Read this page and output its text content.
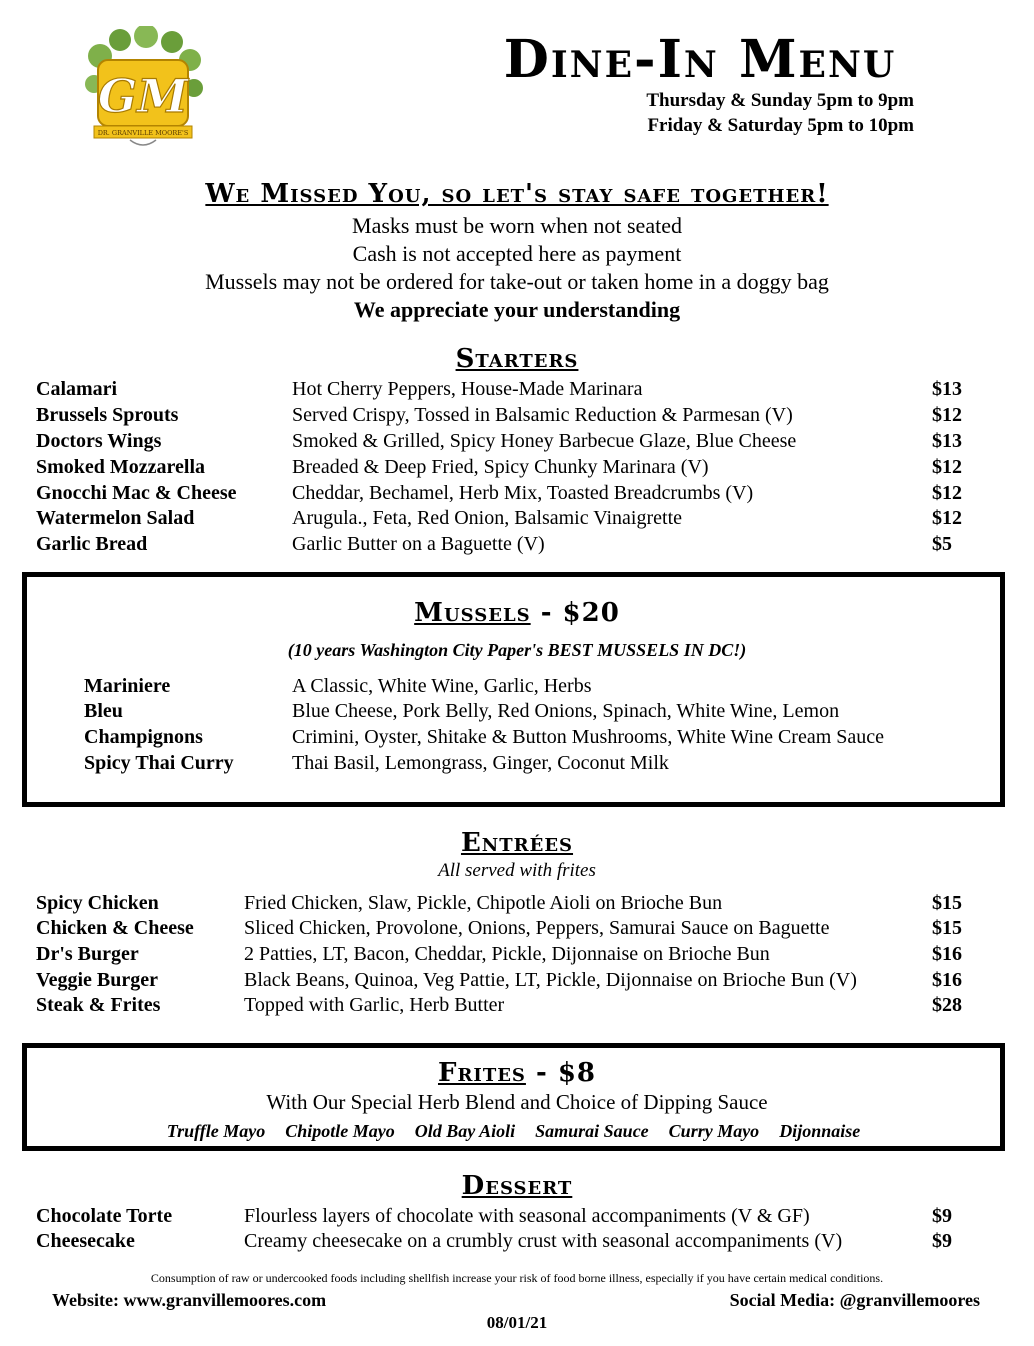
GM
DR. GRANVILLE MOORE'S
Dine-In Menu
Thursday & Sunday 5pm to 9pm
Friday & Saturday 5pm to 10pm
We Missed You, so let's stay safe together!
Masks must be worn when not seated
Cash is not accepted here as payment
Mussels may not be ordered for take-out or taken home in a doggy bag
We appreciate your understanding
Starters
Calamari	Hot Cherry Peppers, House-Made Marinara	$13
Brussels Sprouts	Served Crispy, Tossed in Balsamic Reduction & Parmesan (V)	$12
Doctors Wings	Smoked & Grilled, Spicy Honey Barbecue Glaze, Blue Cheese	$13
Smoked Mozzarella	Breaded & Deep Fried, Spicy Chunky Marinara (V)	$12
Gnocchi Mac & Cheese	Cheddar, Bechamel, Herb Mix, Toasted Breadcrumbs (V)	$12
Watermelon Salad	Arugula., Feta, Red Onion, Balsamic Vinaigrette	$12
Garlic Bread	Garlic Butter on a Baguette (V)	$5
Mussels - $20
(10 years Washington City Paper's BEST MUSSELS IN DC!)
Mariniere	A Classic, White Wine, Garlic, Herbs
Bleu	Blue Cheese, Pork Belly, Red Onions, Spinach, White Wine, Lemon
Champignons	Crimini, Oyster, Shitake & Button Mushrooms, White Wine Cream Sauce
Spicy Thai Curry	Thai Basil, Lemongrass, Ginger, Coconut Milk
Entrées
All served with frites
Spicy Chicken	Fried Chicken, Slaw, Pickle, Chipotle Aioli on Brioche Bun	$15
Chicken & Cheese	Sliced Chicken, Provolone, Onions, Peppers, Samurai Sauce on Baguette	$15
Dr's Burger	2 Patties, LT, Bacon, Cheddar, Pickle, Dijonnaise on Brioche Bun	$16
Veggie Burger	Black Beans, Quinoa, Veg Pattie, LT, Pickle, Dijonnaise on Brioche Bun (V)	$16
Steak & Frites	Topped with Garlic, Herb Butter	$28
Frites - $8
With Our Special Herb Blend and Choice of Dipping Sauce
Truffle Mayo Chipotle Mayo Old Bay Aioli Samurai Sauce Curry Mayo Dijonnaise
Dessert
Chocolate Torte	Flourless layers of chocolate with seasonal accompaniments (V & GF)	$9
Cheesecake	Creamy cheesecake on a crumbly crust with seasonal accompaniments (V)	$9
Consumption of raw or undercooked foods including shellfish increase your risk of food borne illness, especially if you have certain medical conditions.
Website: www.granvillemoores.com	Social Media: @granvillemoores
08/01/21
